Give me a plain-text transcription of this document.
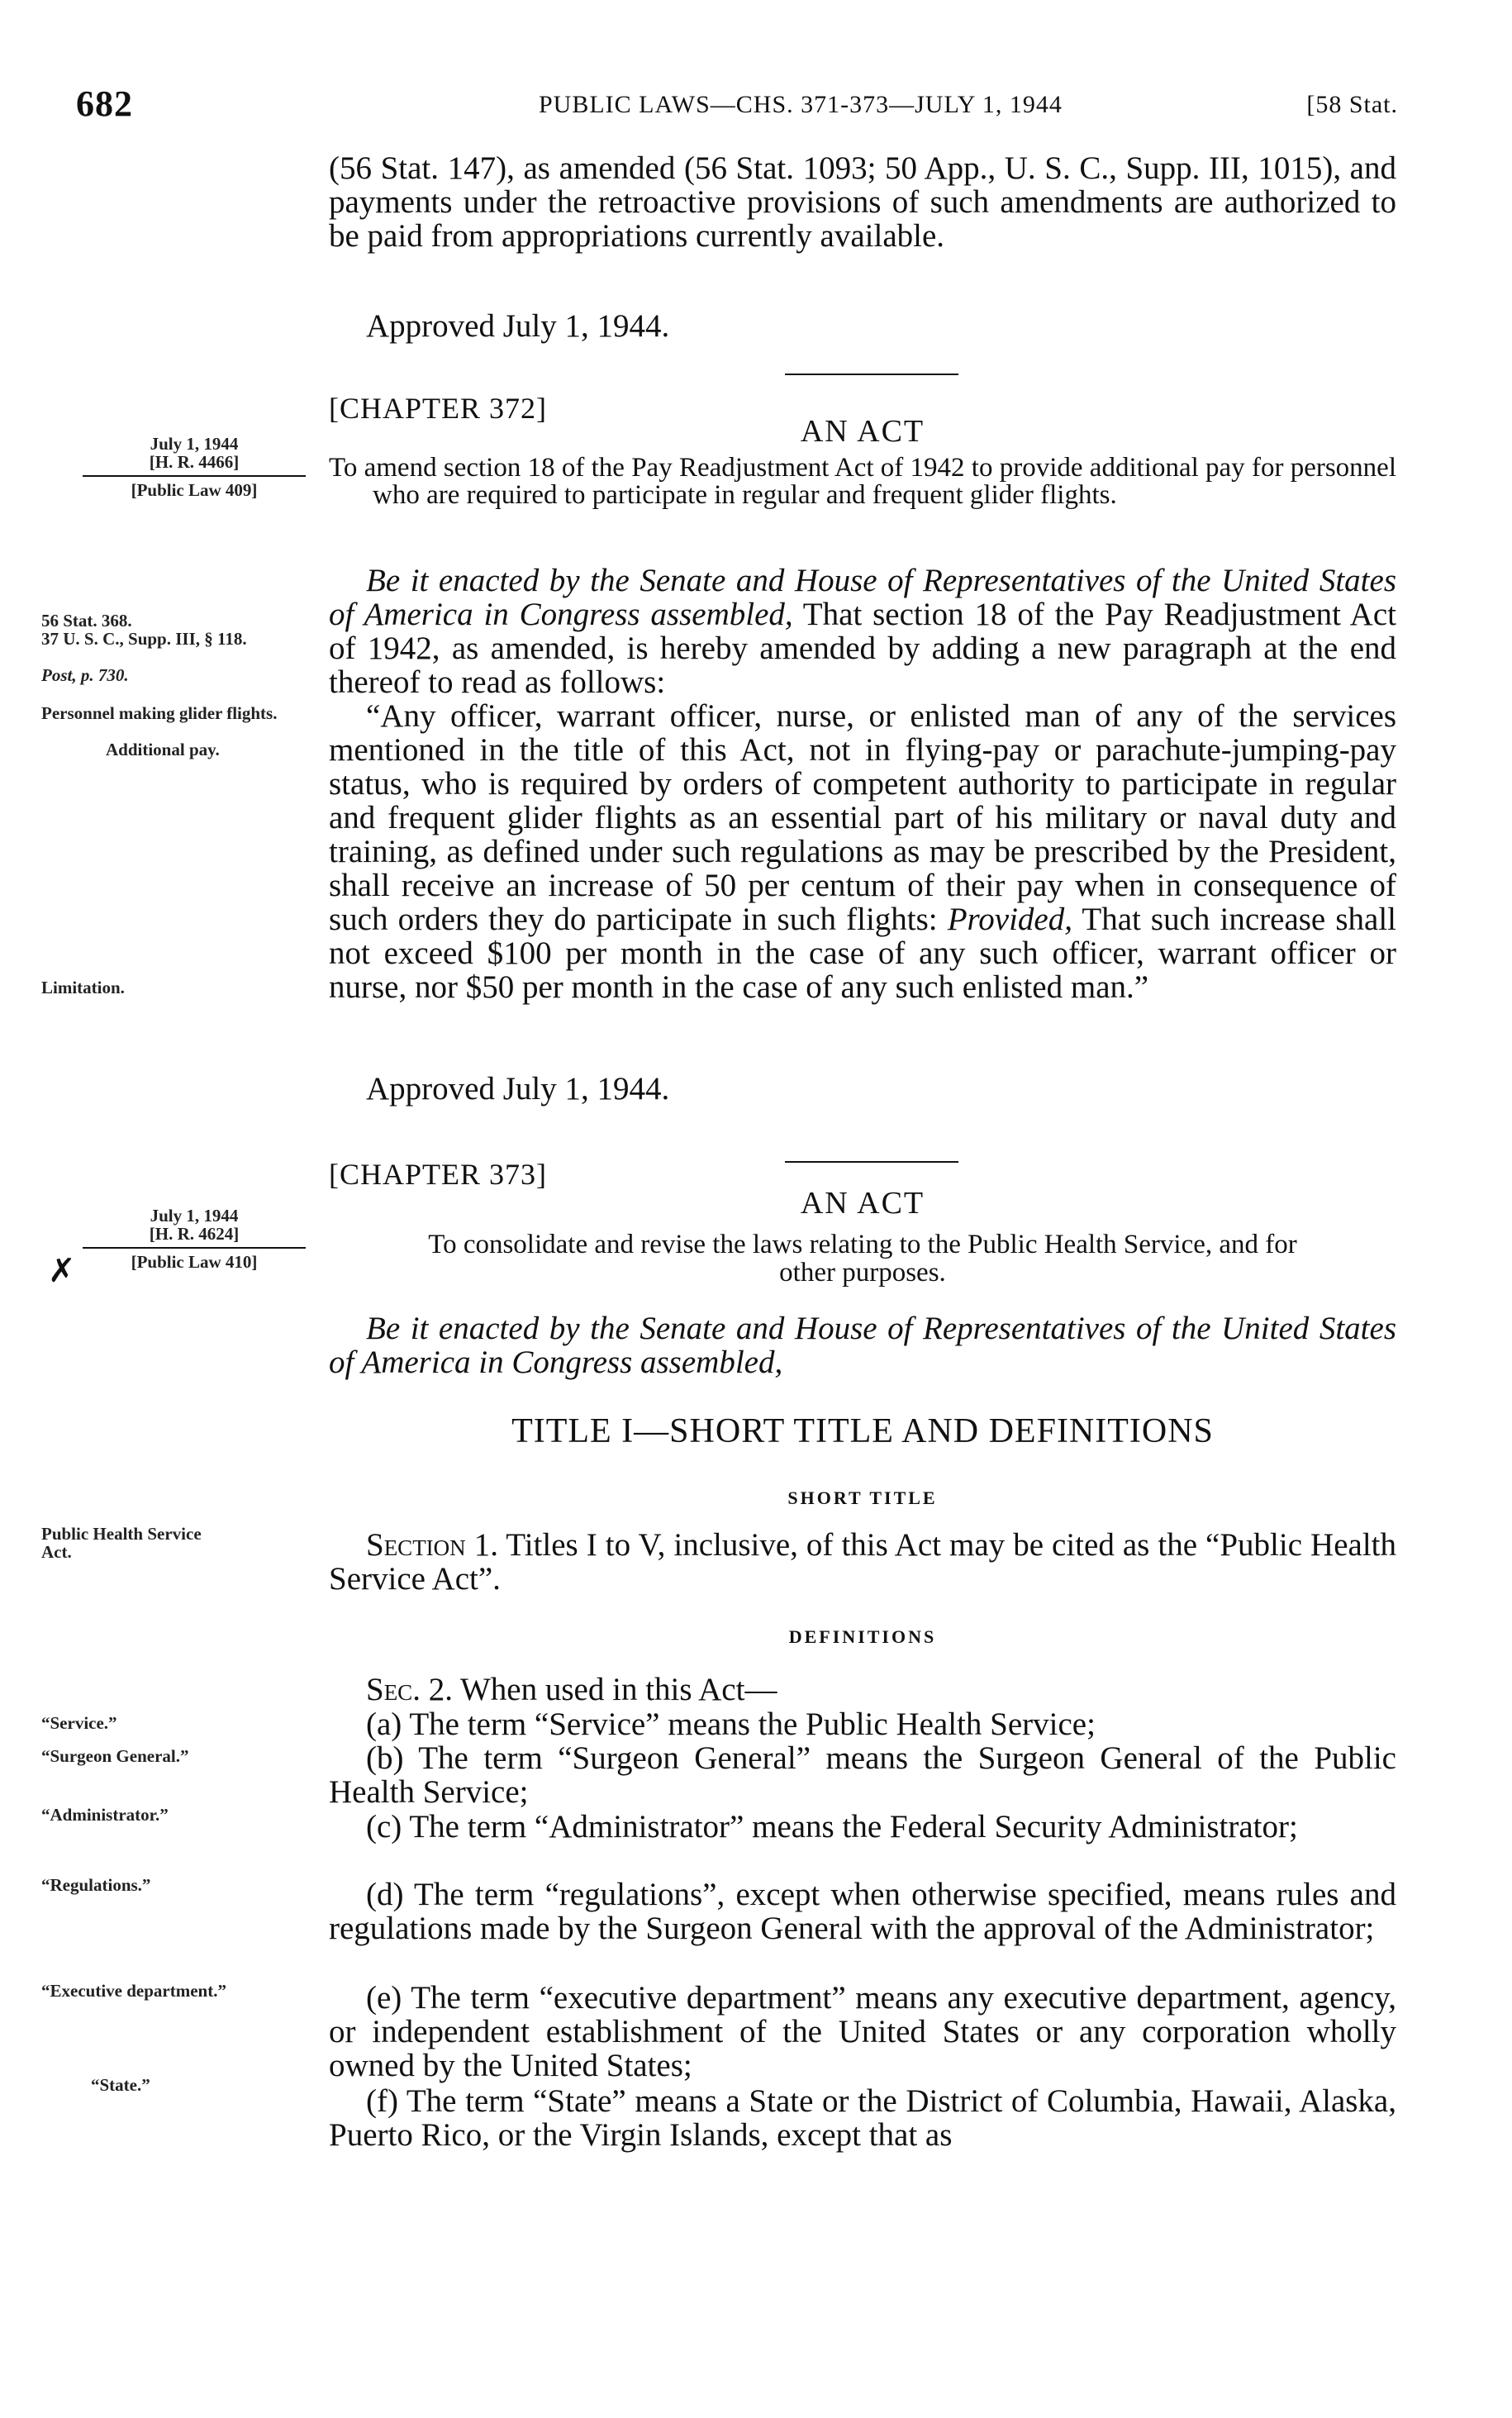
682	PUBLIC LAWS—CHS. 371-373—JULY 1, 1944	[58 Stat.

(56 Stat. 147), as amended (56 Stat. 1093; 50 App., U. S. C., Supp. III, 1015), and payments under the retroactive provisions of such amendments are authorized to be paid from appropriations currently available.

Approved July 1, 1944.

[CHAPTER 372]

AN ACT

July 1, 1944

[H. R. 4466]

[Public Law 409]

To amend section 18 of the Pay Readjustment Act of 1942 to provide additional pay for personnel who are required to participate in regular and frequent glider flights.

56 Stat. 368.

37 U. S. C., Supp. III, § 118.

Post, p. 730.

Personnel making glider flights.

Additional pay.

Be it enacted by the Senate and House of Representatives of the United States of America in Congress assembled, That section 18 of the Pay Readjustment Act of 1942, as amended, is hereby amended by adding a new paragraph at the end thereof to read as follows:

“Any officer, warrant officer, nurse, or enlisted man of any of the services mentioned in the title of this Act, not in flying-pay or parachute-jumping-pay status, who is required by orders of competent authority to participate in regular and frequent glider flights as an essential part of his military or naval duty and training, as defined under such regulations as may be prescribed by the President, shall receive an increase of 50 per centum of their pay when in consequence of such orders they do participate in such flights: Provided, That such increase shall not exceed $100 per month in the case of any such officer, warrant officer or nurse, nor $50 per month in the case of any such enlisted man.”

Limitation.

Approved July 1, 1944.

[CHAPTER 373]

AN ACT

July 1, 1944

[H. R. 4624]

[Public Law 410]

✗

To consolidate and revise the laws relating to the Public Health Service, and for

other purposes.

Be it enacted by the Senate and House of Representatives of the United States of America in Congress assembled,

TITLE I—SHORT TITLE AND DEFINITIONS

SHORT TITLE

Public Health Service Act.	Section 1. Titles I to V, inclusive, of this Act may be cited as the “Public Health Service Act”.

DEFINITIONS

Sec. 2. When used in this Act—

“Service.”	(a) The term “Service” means the Public Health Service;

“Surgeon General.”	(b) The term “Surgeon General” means the Surgeon General of the Public Health Service;

“Administrator.”	(c) The term “Administrator” means the Federal Security Administrator;

“Regulations.”	(d) The term “regulations”, except when otherwise specified, means rules and regulations made by the Surgeon General with the approval of the Administrator;

“Executive department.”	(e) The term “executive department” means any executive department, agency, or independent establishment of the United States or any corporation wholly owned by the United States;

“State.”	(f) The term “State” means a State or the District of Columbia, Hawaii, Alaska, Puerto Rico, or the Virgin Islands, except that as
